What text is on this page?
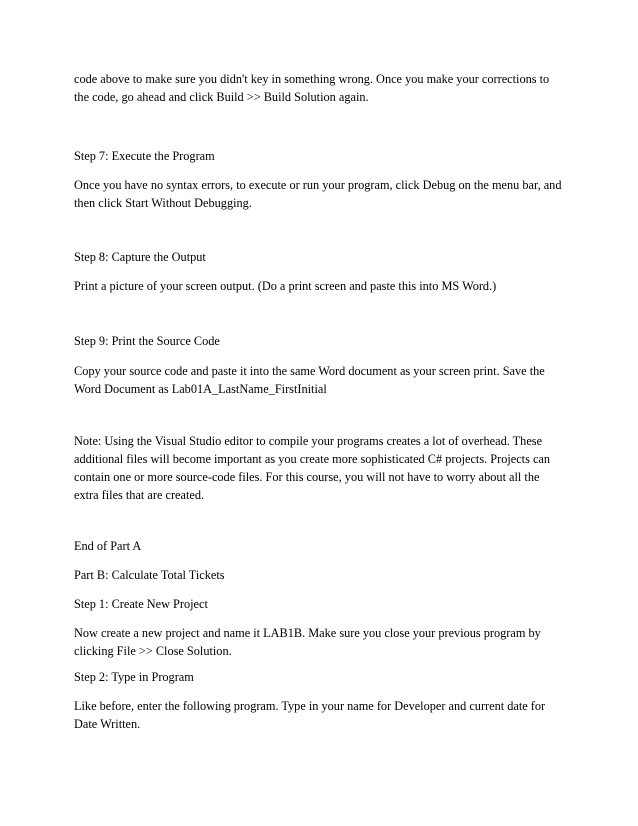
code above to make sure you didn't key in something wrong. Once you make your corrections to the code, go ahead and click Build >> Build Solution again.

Step 7: Execute the Program

Once you have no syntax errors, to execute or run your program, click Debug on the menu bar, and then click Start Without Debugging.

Step 8: Capture the Output

Print a picture of your screen output. (Do a print screen and paste this into MS Word.)

Step 9: Print the Source Code

Copy your source code and paste it into the same Word document as your screen print. Save the Word Document as Lab01A_LastName_FirstInitial

Note: Using the Visual Studio editor to compile your programs creates a lot of overhead. These additional files will become important as you create more sophisticated C# projects. Projects can contain one or more source-code files. For this course, you will not have to worry about all the extra files that are created.

End of Part A

Part B: Calculate Total Tickets

Step 1: Create New Project

Now create a new project and name it LAB1B. Make sure you close your previous program by clicking File >> Close Solution.

Step 2: Type in Program

Like before, enter the following program. Type in your name for Developer and current date for Date Written.
